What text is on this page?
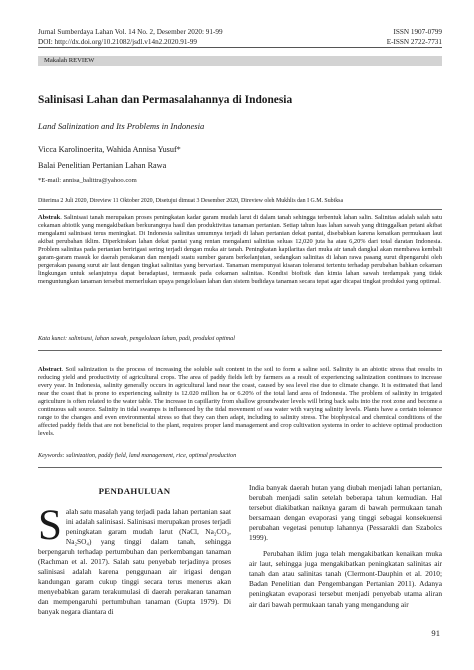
Jurnal Sumberdaya Lahan Vol. 14 No. 2, Desember 2020: 91-99	ISSN 1907-0799
DOI: http://dx.doi.org/10.21082/jsdl.v14n2.2020.91-99	E-ISSN 2722-7731
Makalah REVIEW
Salinisasi Lahan dan Permasalahannya di Indonesia
Land Salinization and Its Problems in Indonesia
Vicca Karolinoerita, Wahida Annisa Yusuf*
Balai Penelitian Pertanian Lahan Rawa
*E-mail: annisa_balittra@yahoo.com
Diterima 2 Juli 2020, Direview 11 Oktober 2020, Disetujui dimuat 3 Desember 2020, Direview oleh Mukhlis dan I G.M. Subiksa
Abstrak. Salinisasi tanah merupakan proses peningkatan kadar garam mudah larut di dalam tanah sehingga terbentuk lahan salin. Salinitas adalah salah satu cekaman abiotik yang mengakibatkan berkurangnya hasil dan produktivitas tanaman pertanian. Setiap tahun luas lahan sawah yang ditinggalkan petani akibat mengalami salinisasi terus meningkat. Di Indonesia salinitas umumnya terjadi di lahan pertanian dekat pantai, disebabkan karena kenaikan permukaan laut akibat perubahan iklim. Diperkirakan lahan dekat pantai yang rentan mengalami salinitas seluas 12,020 juta ha atau 6,20% dari total daratan Indonesia. Problem salinitas pada pertanian beririgasi sering terjadi dengan muka air tanah. Peningkatan kapilaritas dari muka air tanah dangkal akan membawa kembali garam-garam masuk ke daerah perakaran dan menjadi suatu sumber garam berkelanjutan, sedangkan salinitas di lahan rawa pasang surut dipengaruhi oleh pergerakan pasang surut air laut dengan tingkat salinitas yang bervariasi. Tanaman mempunyai kisaran toleransi tertentu terhadap perubahan bahkan cekaman lingkungan untuk selanjutnya dapat beradaptasi, termasuk pada cekaman salinitas. Kondisi biofisik dan kimia lahan sawah terdampak yang tidak menguntungkan tanaman tersebut memerlukan upaya pengelolaan lahan dan sistem budidaya tanaman secara tepat agar dicapai tingkat produksi yang optimal.
Kata kunci: salinisasi, lahan sawah, pengelolaan lahan, padi, produksi optimal
Abstract. Soil salinization is the process of increasing the soluble salt content in the soil to form a saline soil. Salinity is an abiotic stress that results in reducing yield and productivity of agricultural crops. The area of paddy fields left by farmers as a result of experiencing salinization continues to increase every year. In Indonesia, salinity generally occurs in agricultural land near the coast, caused by sea level rise due to climate change. It is estimated that land near the coast that is prone to experiencing salinity is 12.020 million ha or 6.20% of the total land area of Indonesia. The problem of salinity in irrigated agriculture is often related to the water table. The increase in capillarity from shallow groundwater levels will bring back salts into the root zone and become a continuous salt source. Salinity in tidal swamps is influenced by the tidal movement of sea water with varying salinity levels. Plants have a certain tolerance range to the changes and even environmental stress so that they can then adapt, including to salinity stress. The biophysical and chemical conditions of the affected paddy fields that are not beneficial to the plant, requires proper land management and crop cultivation systems in order to achieve optimal production levels.
Keywords: salinization, paddy field, land management, rice, optimal production
PENDAHULUAN

Salah satu masalah yang terjadi pada lahan pertanian saat ini adalah salinisasi. Salinisasi merupakan proses terjadi peningkatan garam mudah larut (NaCl, Na₂CO₃, Na₂SO₄) yang tinggi dalam tanah, sehingga berpengaruh terhadap pertumbuhan dan perkembangan tanaman (Rachman et al. 2017). Salah satu penyebab terjadinya proses salinisasi adalah karena penggunaan air irigasi dengan kandungan garam cukup tinggi secara terus menerus akan menyebabkan garam terakumulasi di daerah perakaran tanaman dan mempengaruhi pertumbuhan tanaman (Gupta 1979). Di banyak negara diantara di

India banyak daerah hutan yang diubah menjadi lahan pertanian, berubah menjadi salin setelah beberapa tahun kemudian. Hal tersebut diakibatkan naiknya garam di bawah permukaan tanah bersamaan dengan evaporasi yang tinggi sebagai konsekuensi perubahan vegetasi penutup lahannya (Pessarakli dan Szabolcs 1999).

Perubahan iklim juga telah mengakibatkan kenaikan muka air laut, sehingga juga mengakibatkan peningkatan salinitas air tanah dan atau salinitas tanah (Clermont-Dauphin et al. 2010; Badan Penelitian dan Pengembangan Pertanian 2011). Adanya peningkatan evaporasi tersebut menjadi penyebab utama aliran air dari bawah permukaan tanah yang mengandung air

91
